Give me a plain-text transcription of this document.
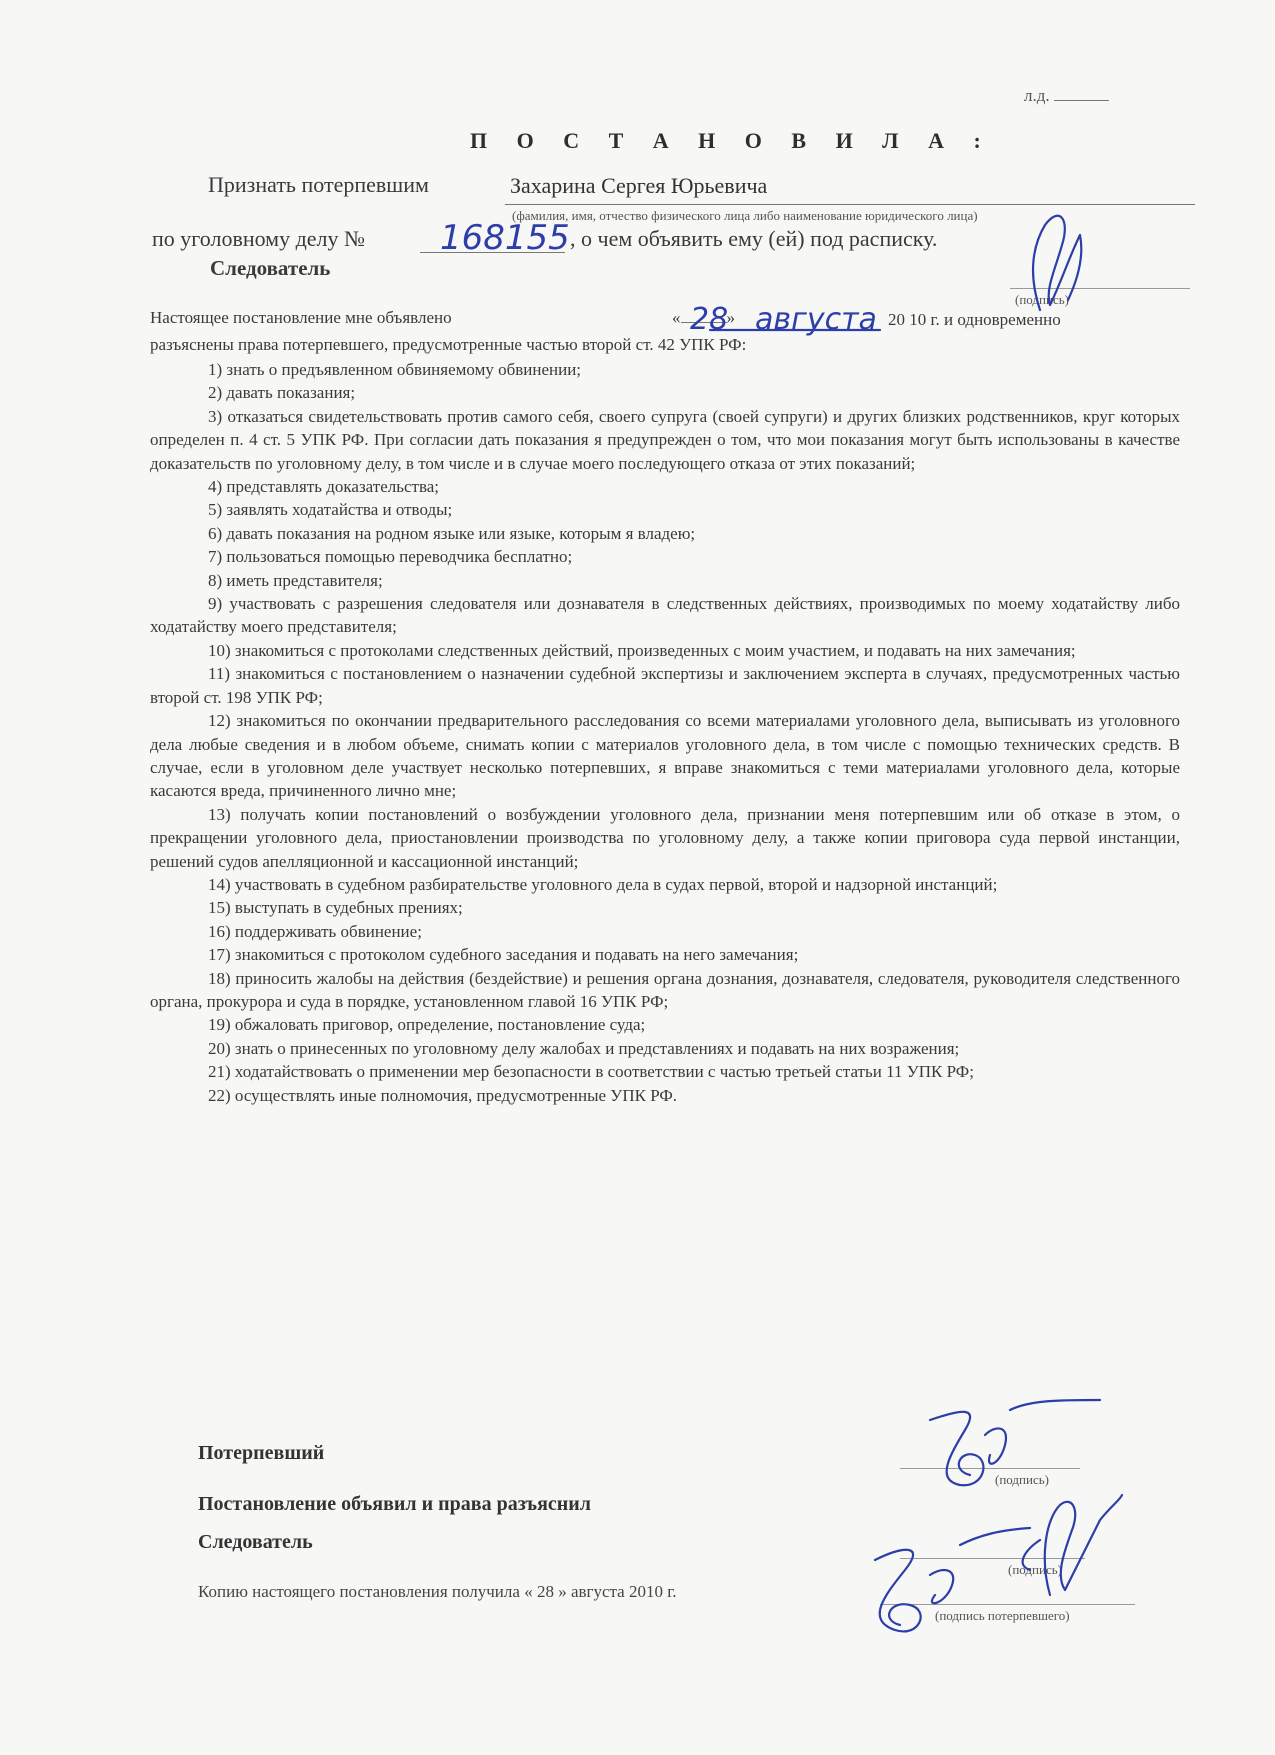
л.д.
П О С Т А Н О В И Л А :
Признать потерпевшим	Захарина Сергея Юрьевича
(фамилия, имя, отчество физического лица либо наименование юридического лица)
по уголовному делу № 168155 , о чем объявить ему (ей) под расписку.
Следователь
(подпись)
Настоящее постановление мне объявлено	«	»
28 августа 20 10 г. и одновременно
разъяснены права потерпевшего, предусмотренные частью второй ст. 42 УПК РФ:

1) знать о предъявленном обвиняемому обвинении;

2) давать показания;

3) отказаться свидетельствовать против самого себя, своего супруга (своей супруги) и других близких родственников, круг которых определен п. 4 ст. 5 УПК РФ. При согласии дать показания я предупрежден о том, что мои показания могут быть использованы в качестве доказательств по уголовному делу, в том числе и в случае моего последующего отказа от этих показаний;

4) представлять доказательства;

5) заявлять ходатайства и отводы;

6) давать показания на родном языке или языке, которым я владею;

7) пользоваться помощью переводчика бесплатно;

8) иметь представителя;

9) участвовать с разрешения следователя или дознавателя в следственных действиях, производимых по моему ходатайству либо ходатайству моего представителя;

10) знакомиться с протоколами следственных действий, произведенных с моим участием, и подавать на них замечания;

11) знакомиться с постановлением о назначении судебной экспертизы и заключением эксперта в случаях, предусмотренных частью второй ст. 198 УПК РФ;

12) знакомиться по окончании предварительного расследования со всеми материалами уголовного дела, выписывать из уголовного дела любые сведения и в любом объеме, снимать копии с материалов уголовного дела, в том числе с помощью технических средств. В случае, если в уголовном деле участвует несколько потерпевших, я вправе знакомиться с теми материалами уголовного дела, которые касаются вреда, причиненного лично мне;

13) получать копии постановлений о возбуждении уголовного дела, признании меня потерпевшим или об отказе в этом, о прекращении уголовного дела, приостановлении производства по уголовному делу, а также копии приговора суда первой инстанции, решений судов апелляционной и кассационной инстанций;

14) участвовать в судебном разбирательстве уголовного дела в судах первой, второй и надзорной инстанций;

15) выступать в судебных прениях;

16) поддерживать обвинение;

17) знакомиться с протоколом судебного заседания и подавать на него замечания;

18) приносить жалобы на действия (бездействие) и решения органа дознания, дознавателя, следователя, руководителя следственного органа, прокурора и суда в порядке, установленном главой 16 УПК РФ;

19) обжаловать приговор, определение, постановление суда;

20) знать о принесенных по уголовному делу жалобах и представлениях и подавать на них возражения;

21) ходатайствовать о применении мер безопасности в соответствии с частью третьей статьи 11 УПК РФ;

22) осуществлять иные полномочия, предусмотренные УПК РФ.

Потерпевший
(подпись)
Постановление объявил и права разъяснил
Следователь
(подпись)
Копию настоящего постановления получила « 28 » августа 2010 г.
(подпись потерпевшего)
